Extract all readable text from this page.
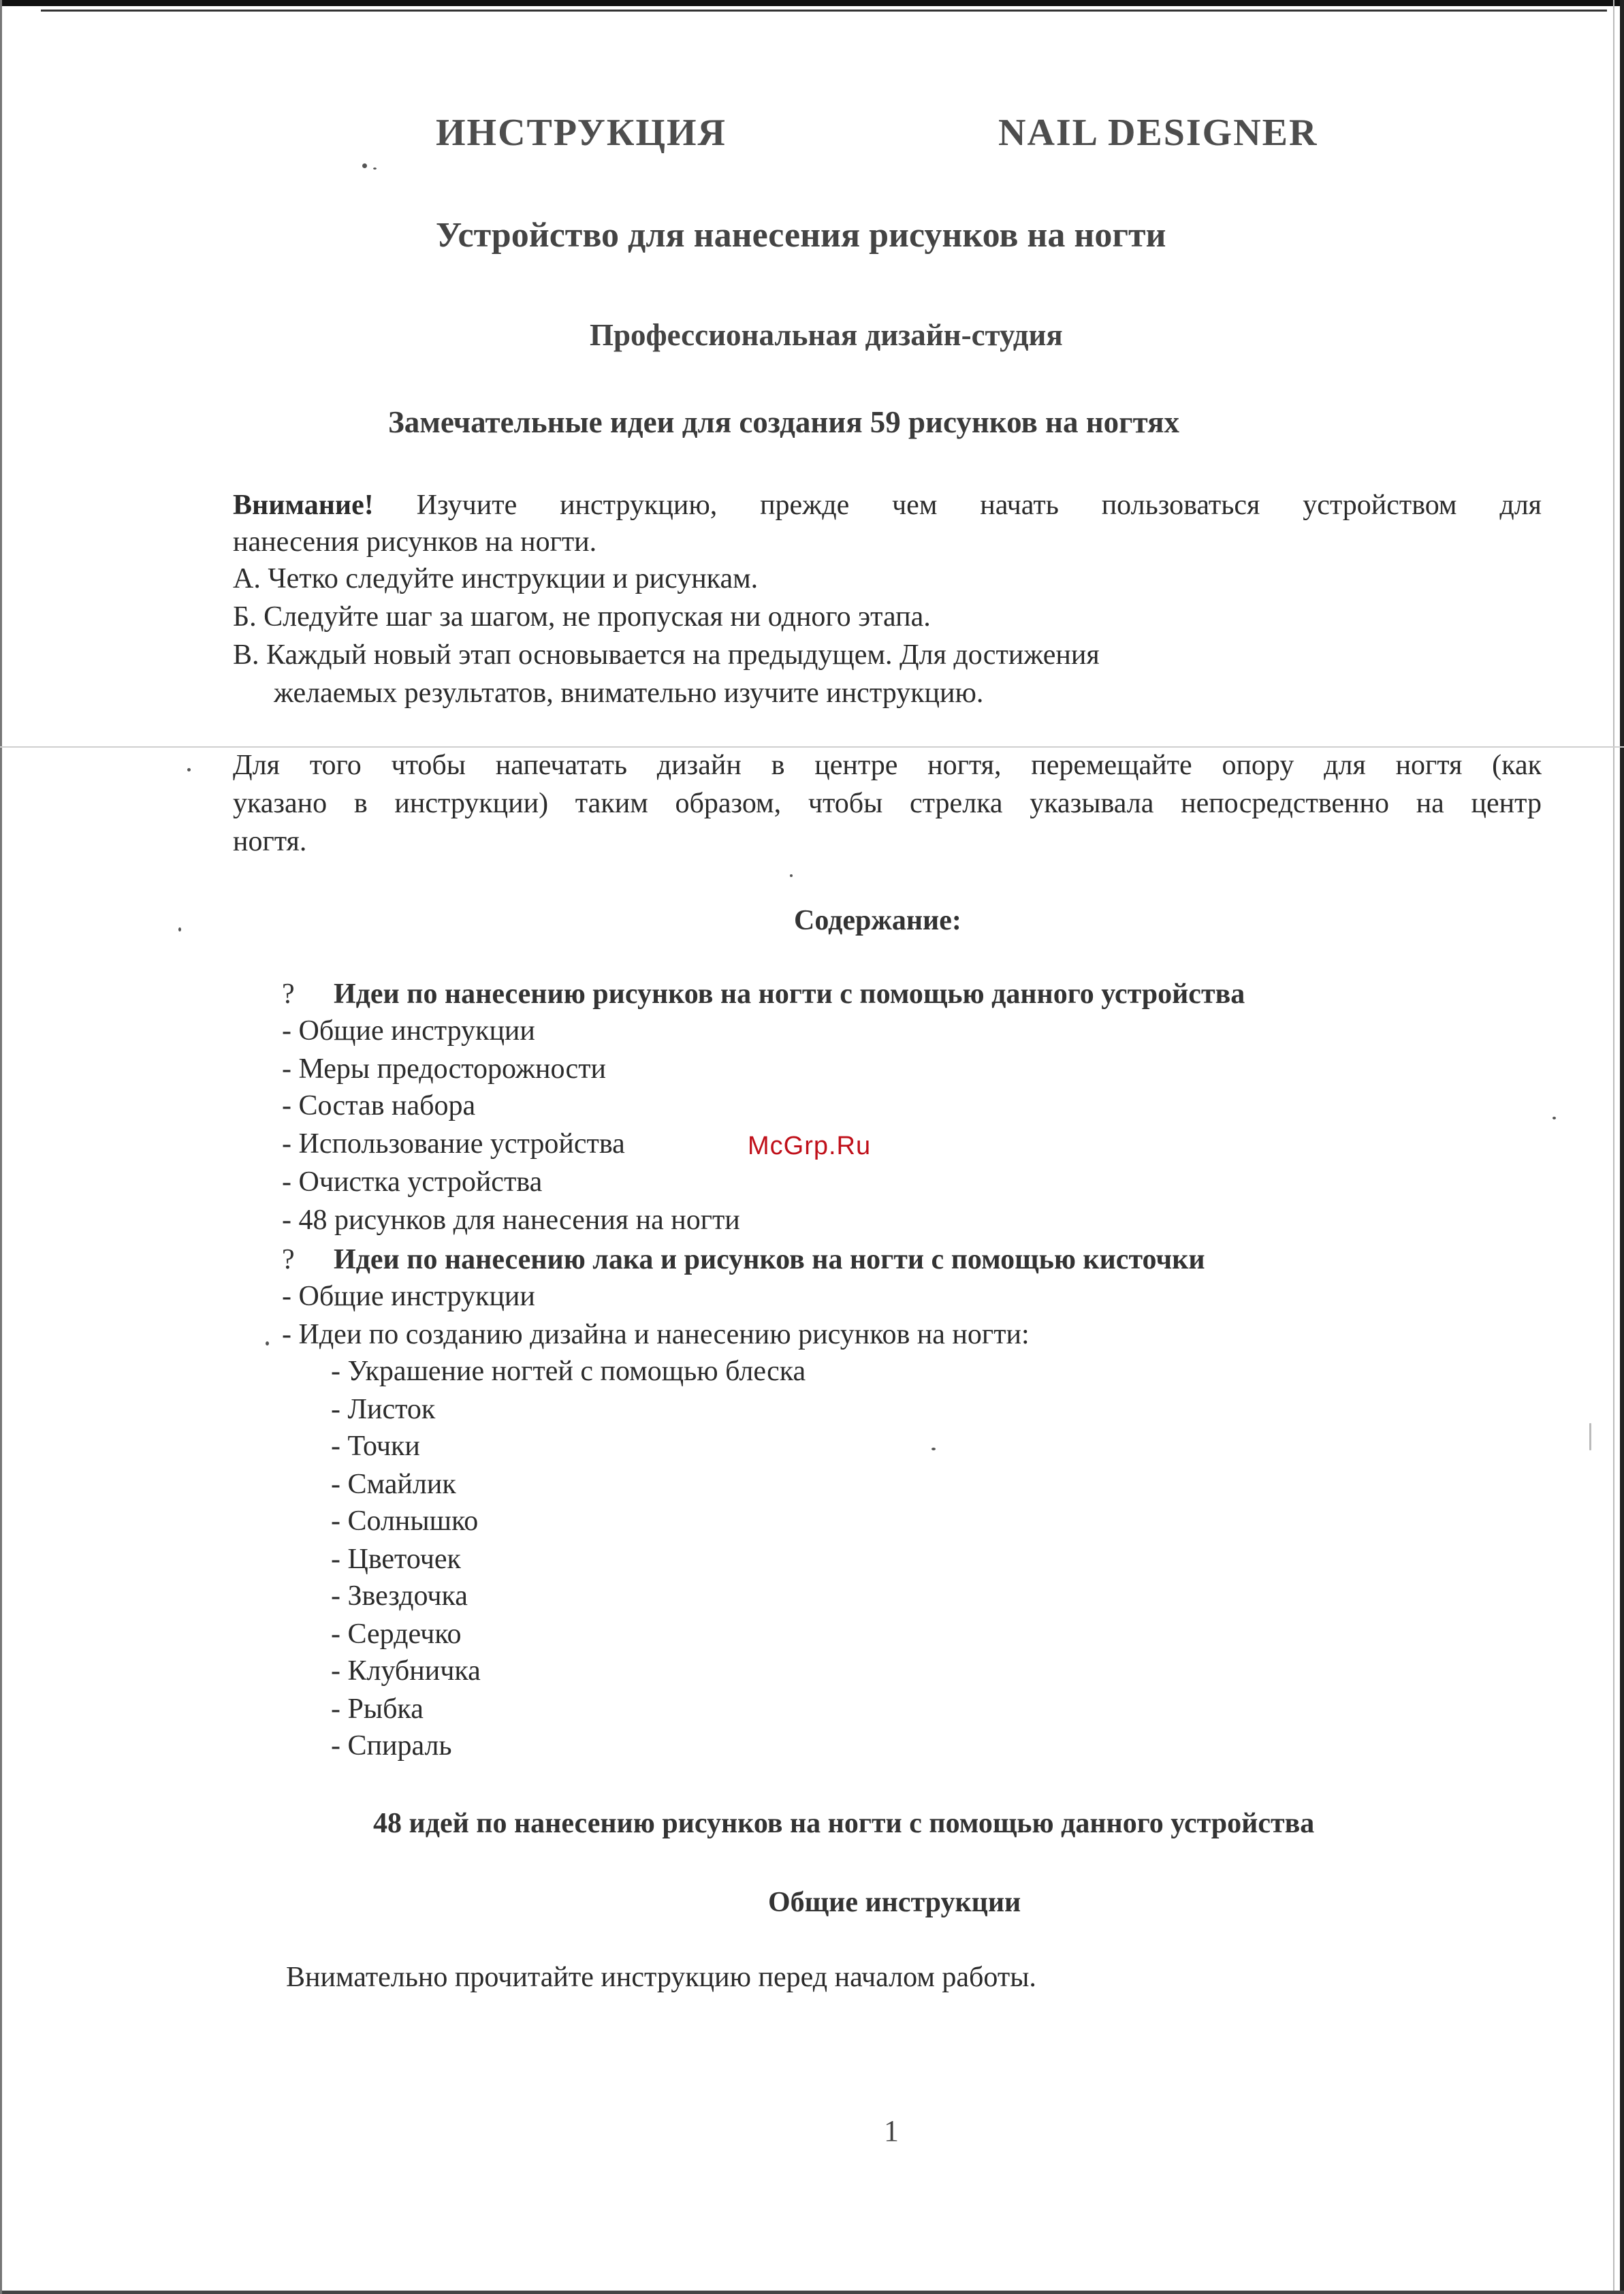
ИНСТРУКЦИЯ	NAIL DESIGNER
Устройство для нанесения рисунков на ногти
Профессиональная дизайн-студия
Замечательные идеи для создания 59 рисунков на ногтях
Внимание! Изучите инструкцию, прежде чем начать пользоваться устройством для
нанесения рисунков на ногти.
А. Четко следуйте инструкции и рисункам.
Б. Следуйте шаг за шагом, не пропуская ни одного этапа.
В. Каждый новый этап основывается на предыдущем. Для достижения
желаемых результатов, внимательно изучите инструкцию.
Для того чтобы напечатать дизайн в центре ногтя, перемещайте опору для ногтя (как
указано в инструкции) таким образом, чтобы стрелка указывала непосредственно на центр
ногтя.
Содержание:
? Идеи по нанесению рисунков на ногти с помощью данного устройства
- Общие инструкции
- Меры предосторожности
- Состав набора
- Использование устройства
- Очистка устройства
- 48 рисунков для нанесения на ногти
McGrp.Ru
? Идеи по нанесению лака и рисунков на ногти с помощью кисточки
- Общие инструкции
- Идеи по созданию дизайна и нанесению рисунков на ногти:
- Украшение ногтей с помощью блеска
- Листок
- Точки
- Смайлик
- Солнышко
- Цветочек
- Звездочка
- Сердечко
- Клубничка
- Рыбка
- Спираль
48 идей по нанесению рисунков на ногти с помощью данного устройства
Общие инструкции
Внимательно прочитайте инструкцию перед началом работы.
1
